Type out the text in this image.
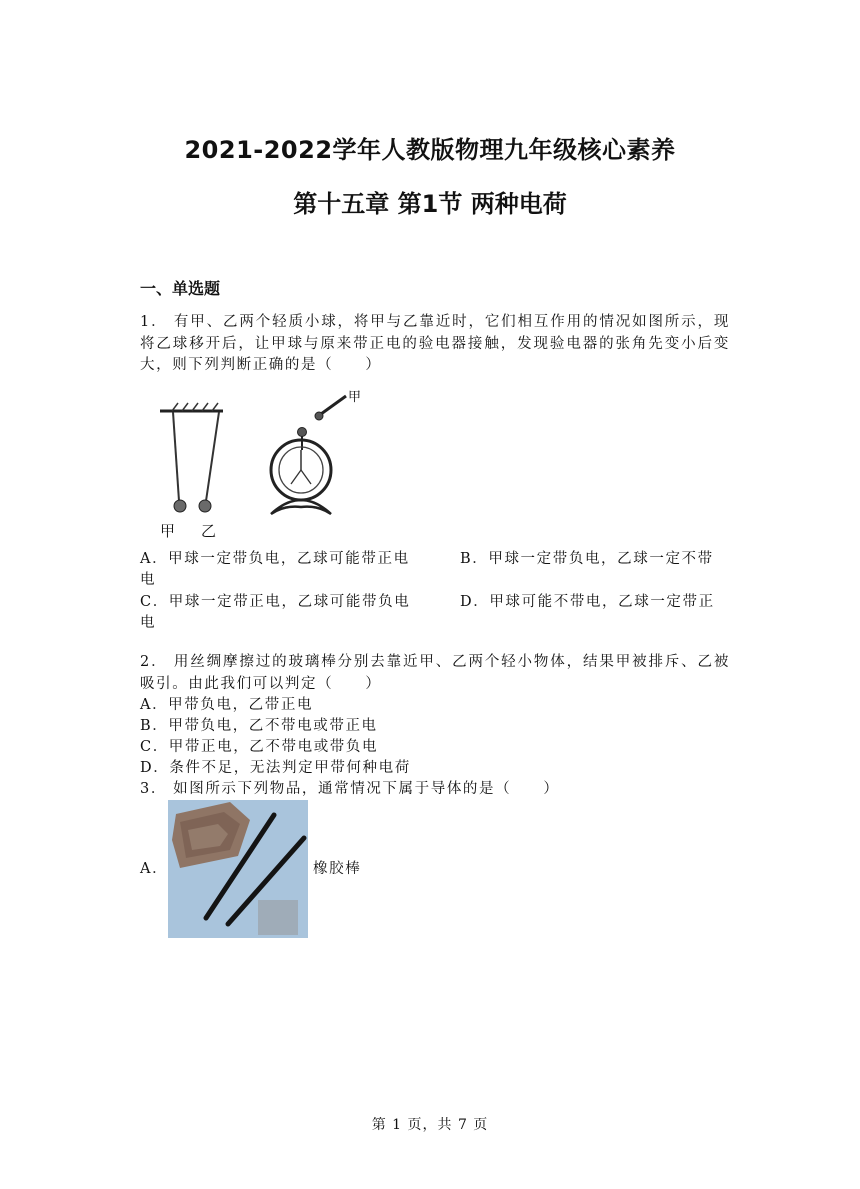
2021-2022学年人教版物理九年级核心素养
第十五章 第1节 两种电荷
一、单选题
1． 有甲、乙两个轻质小球，将甲与乙靠近时，它们相互作用的情况如图所示，现将乙球移开后，让甲球与原来带正电的验电器接触，发现验电器的张角先变小后变大，则下列判断正确的是（　　）
甲 乙
甲
A．甲球一定带负电，乙球可能带正电	B．甲球一定带负电，乙球一定不带
电
C．甲球一定带正电，乙球可能带负电	D．甲球可能不带电，乙球一定带正
电
2． 用丝绸摩擦过的玻璃棒分别去靠近甲、乙两个轻小物体，结果甲被排斥、乙被吸引。由此我们可以判定（　　）
A．甲带负电，乙带正电
B．甲带负电，乙不带电或带正电
C．甲带正电，乙不带电或带负电
D．条件不足，无法判定甲带何种电荷
3． 如图所示下列物品，通常情况下属于导体的是（　　）
A．	橡胶棒
第 1 页，共 7 页
